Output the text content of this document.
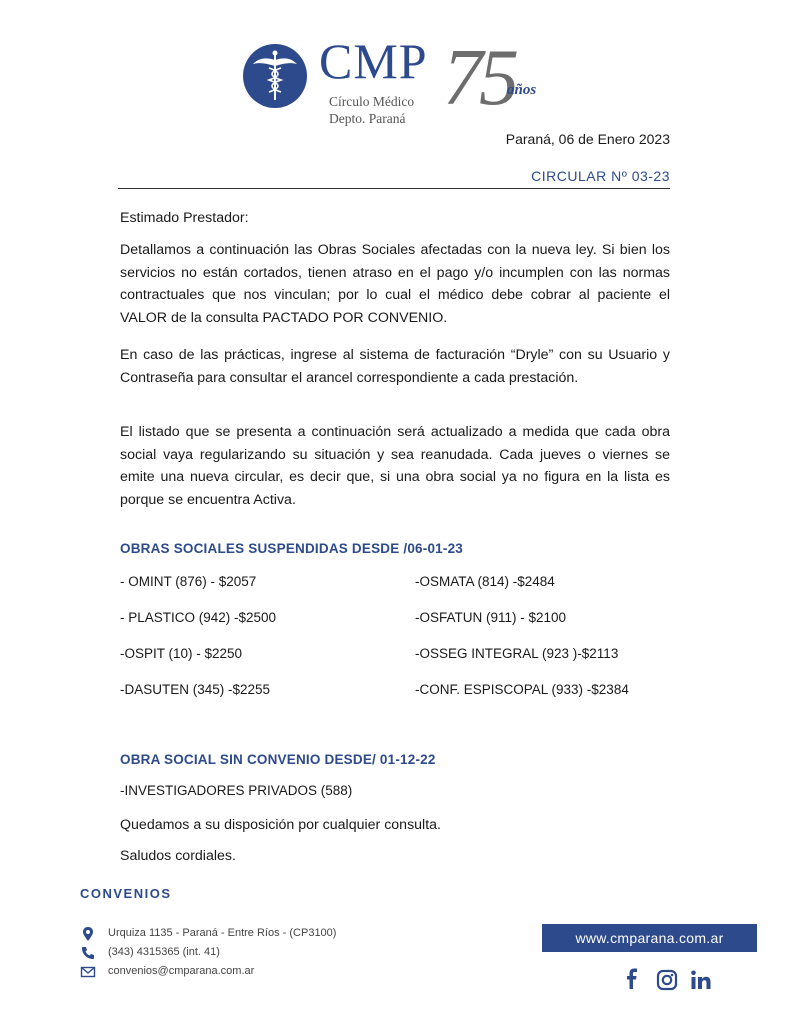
CMP
Círculo Médico
Depto. Paraná 75
años
Paraná, 06 de Enero 2023
CIRCULAR Nº 03-23
Estimado Prestador:
Detallamos a continuación las Obras Sociales afectadas con la nueva ley. Si bien los servicios no están cortados, tienen atraso en el pago y/o incumplen con las normas contractuales que nos vinculan; por lo cual el médico debe cobrar al paciente el VALOR de la consulta PACTADO POR CONVENIO.
En caso de las prácticas, ingrese al sistema de facturación “Dryle” con su Usuario y Contraseña para consultar el arancel correspondiente a cada prestación.
El listado que se presenta a continuación será actualizado a medida que cada obra social vaya regularizando su situación y sea reanudada. Cada jueves o viernes se emite una nueva circular, es decir que, si una obra social ya no figura en la lista es porque se encuentra Activa.
OBRAS SOCIALES SUSPENDIDAS DESDE /06-01-23
- OMINT (876) - $2057
- PLASTICO (942) -$2500
-OSPIT (10) - $2250
-DASUTEN (345) -$2255
-OSMATA (814) -$2484
-OSFATUN (911) - $2100
-OSSEG INTEGRAL (923 )-$2113
-CONF. ESPISCOPAL (933) -$2384
OBRA SOCIAL SIN CONVENIO DESDE/ 01-12-22
-INVESTIGADORES PRIVADOS (588)
Quedamos a su disposición por cualquier consulta.
Saludos cordiales.
CONVENIOS
Urquiza 1135 - Paraná - Entre Ríos - (CP3100)
(343) 4315365 (int. 41)
convenios@cmparana.com.ar
www.cmparana.com.ar
